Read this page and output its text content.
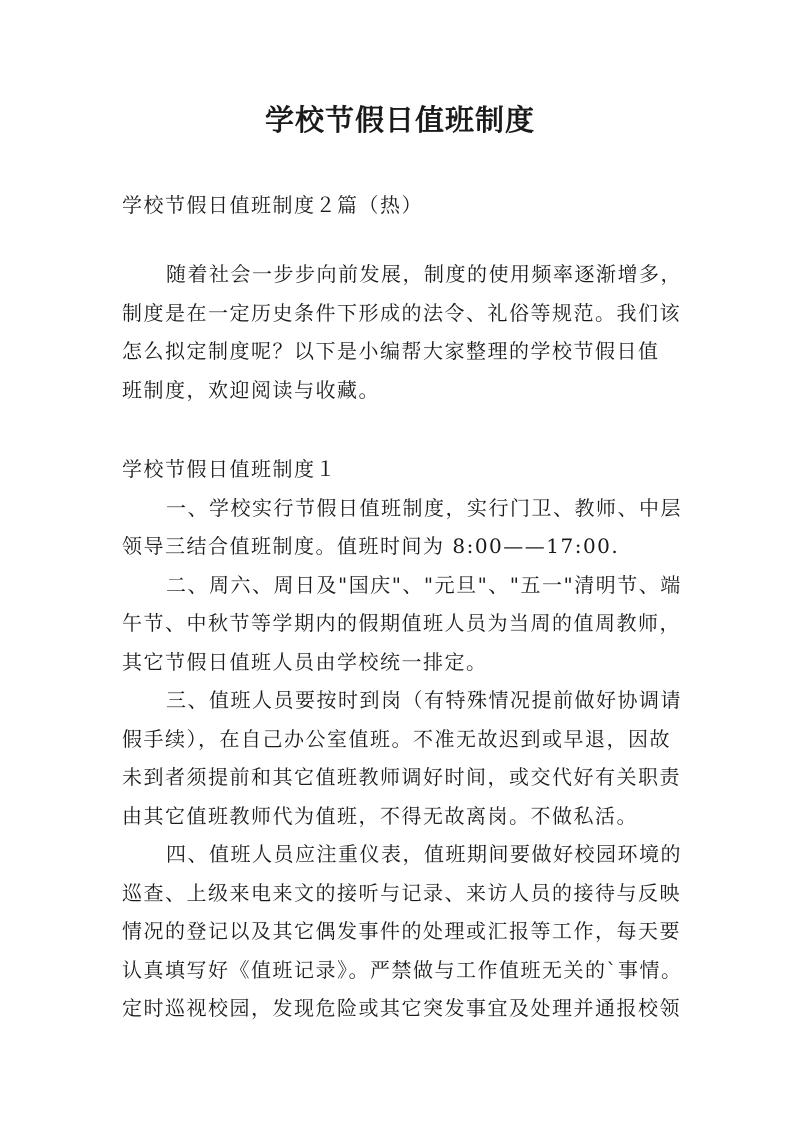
学校节假日值班制度

学校节假日值班制度２篇（热）

随着社会一步步向前发展，制度的使用频率逐渐增多，
制度是在一定历史条件下形成的法令、礼俗等规范。我们该
怎么拟定制度呢？以下是小编帮大家整理的学校节假日值
班制度，欢迎阅读与收藏。

学校节假日值班制度１

一、学校实行节假日值班制度，实行门卫、教师、中层
领导三结合值班制度。值班时间为 8:00——17:00.

二、周六、周日及"国庆"、"元旦"、"五一"清明节、端
午节、中秋节等学期内的假期值班人员为当周的值周教师，
其它节假日值班人员由学校统一排定。

三、值班人员要按时到岗（有特殊情况提前做好协调请
假手续），在自己办公室值班。不准无故迟到或早退，因故
未到者须提前和其它值班教师调好时间，或交代好有关职责
由其它值班教师代为值班，不得无故离岗。不做私活。

四、值班人员应注重仪表，值班期间要做好校园环境的
巡查、上级来电来文的接听与记录、来访人员的接待与反映
情况的登记以及其它偶发事件的处理或汇报等工作，每天要
认真填写好《值班记录》。严禁做与工作值班无关的`事情。
定时巡视校园，发现危险或其它突发事宜及处理并通报校领
